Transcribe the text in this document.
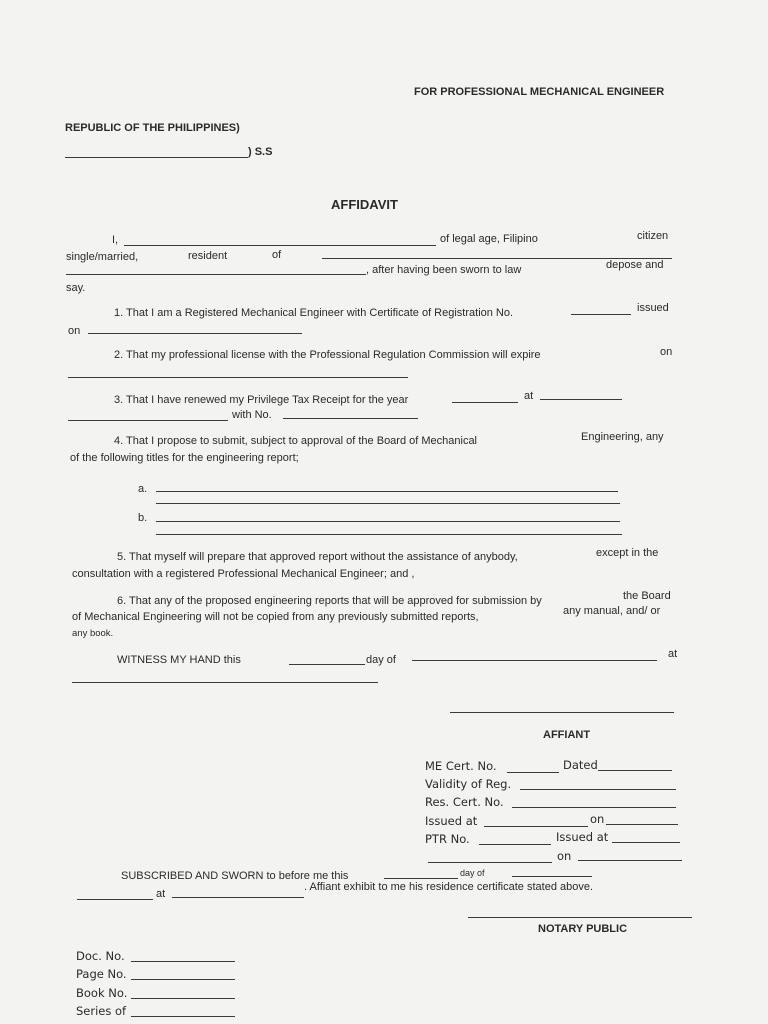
FOR PROFESSIONAL MECHANICAL ENGINEER
REPUBLIC OF THE PHILIPPINES)
) S.S
AFFIDAVIT
I,	of legal age, Filipino	citizen
single/married,	resident	of
, after having been sworn to law	depose and
say.
1. That I am a Registered Mechanical Engineer with Certificate of Registration No.	issued
on
2. That my professional license with the Professional Regulation Commission will expire	on
3. That I have renewed my Privilege Tax Receipt for the year	at
with No.
4. That I propose to submit, subject to approval of the Board of Mechanical	Engineering, any
of the following titles for the engineering report;
a.
b.
5. That myself will prepare that approved report without the assistance of anybody,	except in the
consultation with a registered Professional Mechanical Engineer; and ,
6. That any of the proposed engineering reports that will be approved for submission by	the Board
of Mechanical Engineering will not be copied from any previously submitted reports,	any manual, and/ or
any book.
WITNESS MY HAND this	day of	at
AFFIANT
ME Cert. No.	Dated
Validity of Reg.
Res. Cert. No.
Issued at	on
PTR No.	Issued at
on
SUBSCRIBED AND SWORN to before me this	day of
at
. Affiant exhibit to me his residence certificate stated above.
NOTARY PUBLIC
Doc. No.
Page No.
Book No.
Series of
